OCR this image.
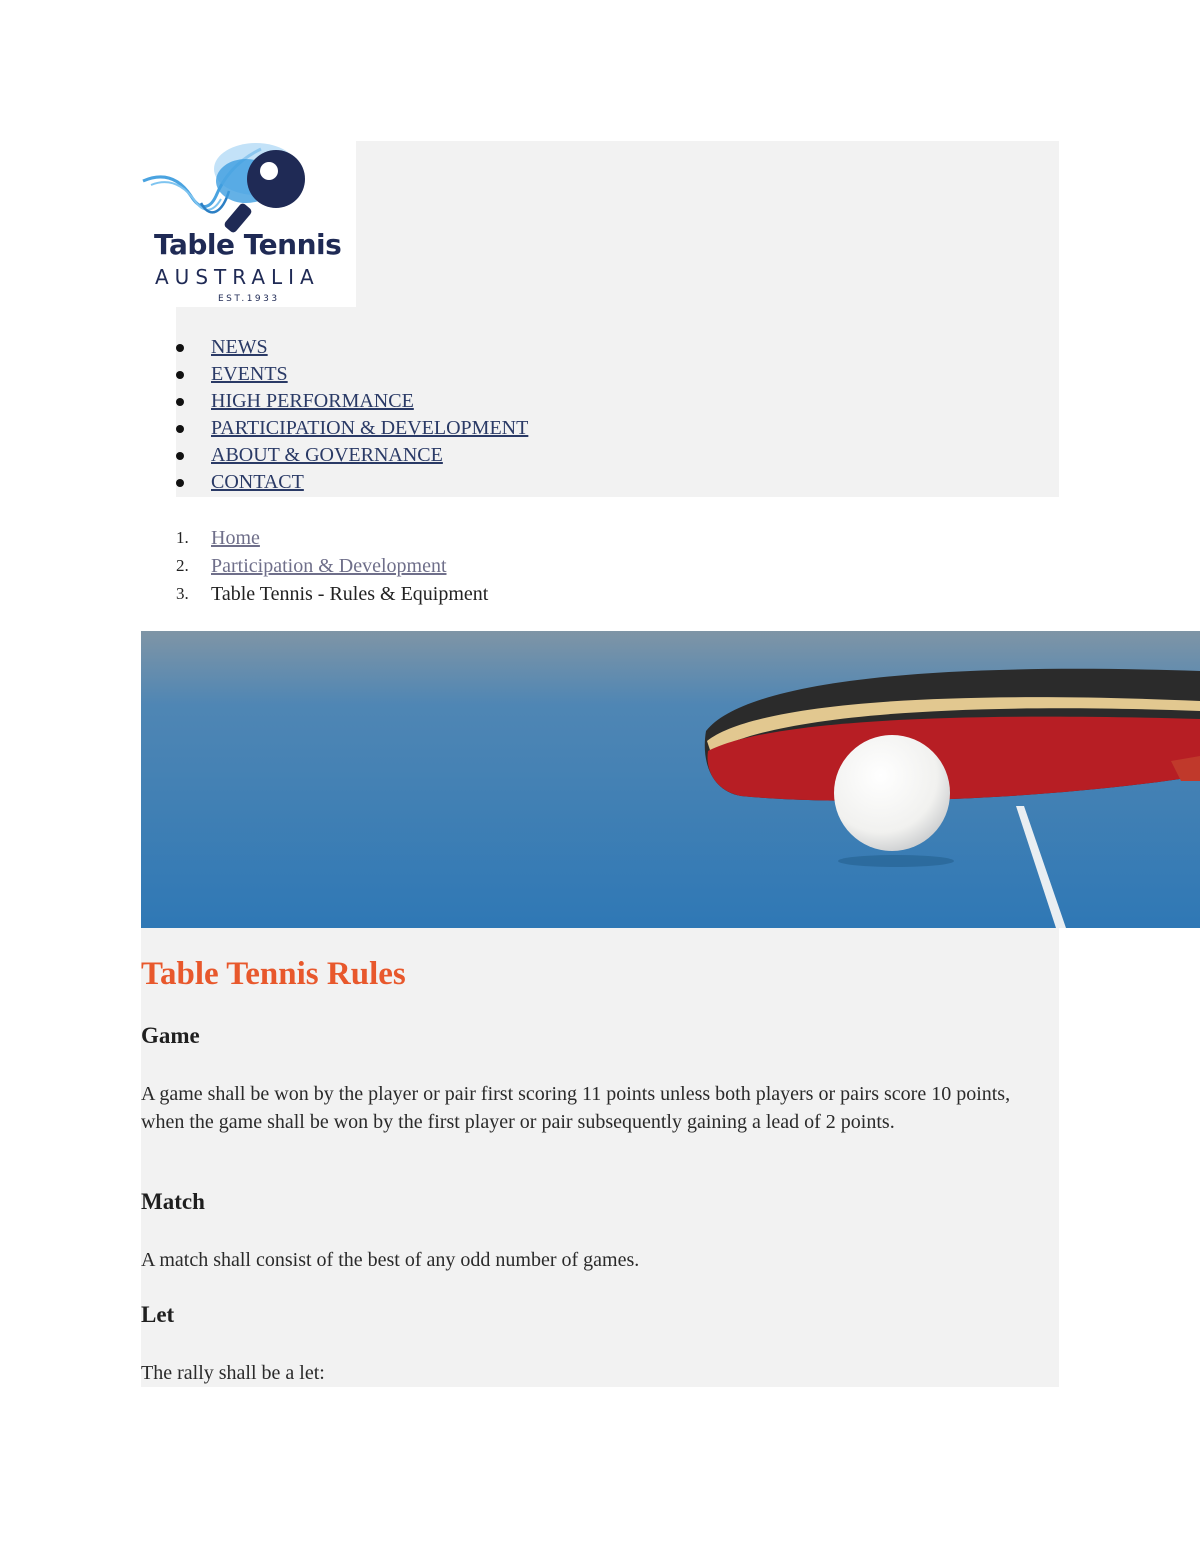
Table Tennis
AUSTRALIA
EST.1933
NEWS
EVENTS
HIGH PERFORMANCE
PARTICIPATION & DEVELOPMENT
ABOUT & GOVERNANCE
CONTACT
1. Home
2. Participation & Development
3. Table Tennis - Rules & Equipment
Table Tennis Rules
Game

A game shall be won by the player or pair first scoring 11 points unless both players or pairs score 10 points, when the game shall be won by the first player or pair subsequently gaining a lead of 2 points.

Match

A match shall consist of the best of any odd number of games.

Let

The rally shall be a let:
